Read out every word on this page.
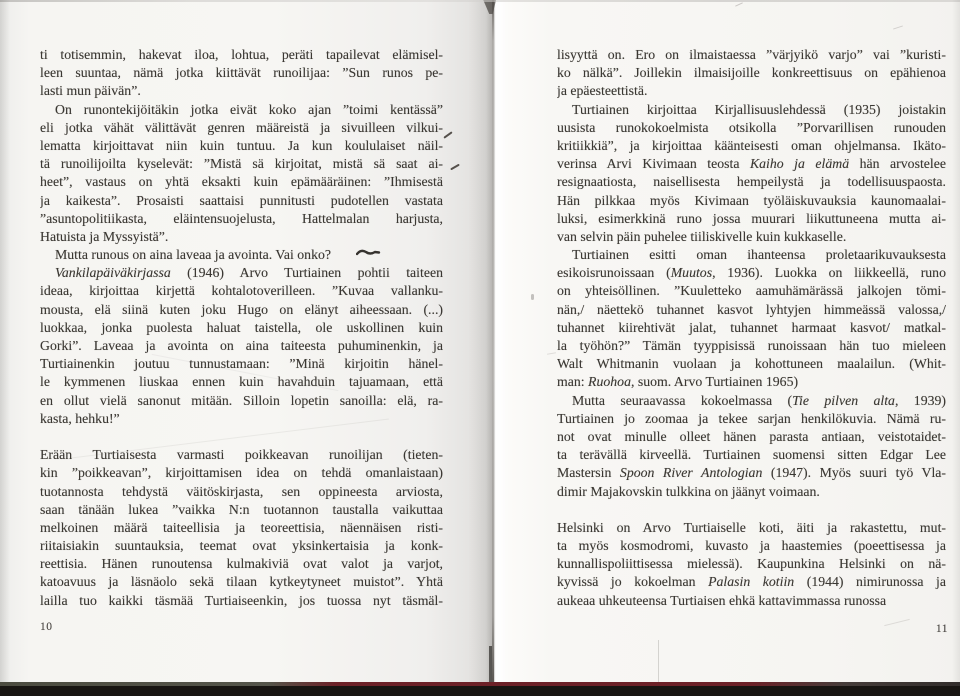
ti totisemmin, hakevat iloa, lohtua, peräti tapailevat elämisel-
leen suuntaa, nämä jotka kiittävät runoilijaa: ”Sun runos pe-
lasti mun päivän”.
On runontekijöitäkin jotka eivät koko ajan ”toimi kentässä”
eli jotka vähät välittävät genren määreistä ja sivuilleen vilkui-
lematta kirjoittavat niin kuin tuntuu. Ja kun koululaiset näil-
tä runoilijoilta kyselevät: ”Mistä sä kirjoitat, mistä sä saat ai-
heet”, vastaus on yhtä eksakti kuin epämääräinen: ”Ihmisestä
ja kaikesta”. Prosaisti saattaisi punnitusti pudotellen vastata
”asuntopolitiikasta, eläintensuojelusta, Hattelmalan harjusta,
Hatuista ja Myssyistä”.
Mutta runous on aina laveaa ja avointa. Vai onko?
Vankilapäiväkirjassa (1946) Arvo Turtiainen pohtii taiteen
ideaa, kirjoittaa kirjettä kohtalotoverilleen. ”Kuvaa vallanku-
mousta, elä siinä kuten joku Hugo on elänyt aiheessaan. (...)
luokkaa, jonka puolesta haluat taistella, ole uskollinen kuin
Gorki”. Laveaa ja avointa on aina taiteesta puhuminenkin, ja
Turtiainenkin joutuu tunnustamaan: ”Minä kirjoitin hänel-
le kymmenen liuskaa ennen kuin havahduin tajuamaan, että
en ollut vielä sanonut mitään. Silloin lopetin sanoilla: elä, ra-
kasta, hehku!”
Erään Turtiaisesta varmasti poikkeavan runoilijan (tieten-
kin ”poikkeavan”, kirjoittamisen idea on tehdä omanlaistaan)
tuotannosta tehdystä väitöskirjasta, sen oppineesta arviosta,
saan tänään lukea ”vaikka N:n tuotannon taustalla vaikuttaa
melkoinen määrä taiteellisia ja teoreettisia, näennäisen risti-
riitaisiakin suuntauksia, teemat ovat yksinkertaisia ja konk-
reettisia. Hänen runoutensa kulmakiviä ovat valot ja varjot,
katoavuus ja läsnäolo sekä tilaan kytkeytyneet muistot”. Yhtä
lailla tuo kaikki täsmää Turtiaiseenkin, jos tuossa nyt täsmäl-
lisyyttä on. Ero on ilmaistaessa ”värjyikö varjo” vai ”kuristi-
ko nälkä”. Joillekin ilmaisijoille konkreettisuus on epähienoa
ja epäesteettistä.
Turtiainen kirjoittaa Kirjallisuuslehdessä (1935) joistakin
uusista runokokoelmista otsikolla ”Porvarillisen runouden
kritiikkiä”, ja kirjoittaa käänteisesti oman ohjelmansa. Ikäto-
verinsa Arvi Kivimaan teosta Kaiho ja elämä hän arvostelee
resignaatiosta, naisellisesta hempeilystä ja todellisuuspaosta.
Hän pilkkaa myös Kivimaan työläiskuvauksia kaunomaalai-
luksi, esimerkkinä runo jossa muurari liikuttuneena mutta ai-
van selvin päin puhelee tiiliskivelle kuin kukkaselle.
Turtiainen esitti oman ihanteensa proletaarikuvauksesta
esikoisrunoissaan (Muutos, 1936). Luokka on liikkeellä, runo
on yhteisöllinen. ”Kuuletteko aamuhämärässä jalkojen tömi-
nän,/ näettekö tuhannet kasvot lyhtyjen himmeässä valossa,/
tuhannet kiirehtivät jalat, tuhannet harmaat kasvot/ matkal-
la työhön?” Tämän tyyppisissä runoissaan hän tuo mieleen
Walt Whitmanin vuolaan ja kohottuneen maalailun. (Whit-
man: Ruohoa, suom. Arvo Turtiainen 1965)
Mutta seuraavassa kokoelmassa (Tie pilven alta, 1939)
Turtiainen jo zoomaa ja tekee sarjan henkilökuvia. Nämä ru-
not ovat minulle olleet hänen parasta antiaan, veistotaidet-
ta terävällä kirveellä. Turtiainen suomensi sitten Edgar Lee
Mastersin Spoon River Antologian (1947). Myös suuri työ Vla-
dimir Majakovskin tulkkina on jäänyt voimaan.
Helsinki on Arvo Turtiaiselle koti, äiti ja rakastettu, mut-
ta myös kosmodromi, kuvasto ja haastemies (poeettisessa ja
kunnallispoliittisessa mielessä). Kaupunkina Helsinki on nä-
kyvissä jo kokoelman Palasin kotiin (1944) nimirunossa ja
aukeaa uhkeuteensa Turtiaisen ehkä kattavimmassa runossa
10	11
